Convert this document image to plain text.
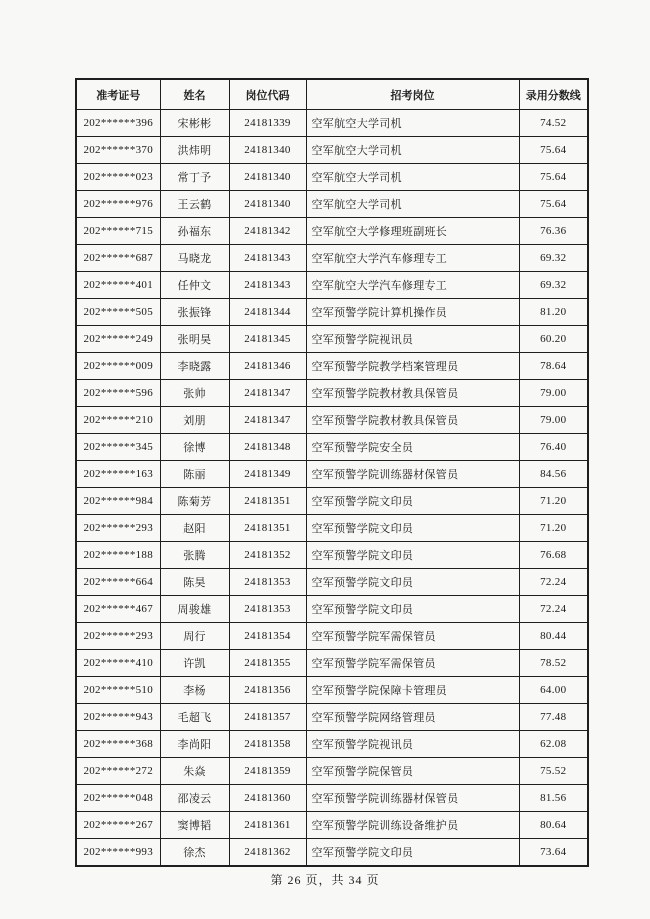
准考证号	姓名	岗位代码	招考岗位	录用分数线
202******396	宋彬彬	24181339	空军航空大学司机	74.52
202******370	洪炜明	24181340	空军航空大学司机	75.64
202******023	常丁予	24181340	空军航空大学司机	75.64
202******976	王云鹤	24181340	空军航空大学司机	75.64
202******715	孙福东	24181342	空军航空大学修理班副班长	76.36
202******687	马晓龙	24181343	空军航空大学汽车修理专工	69.32
202******401	任仲文	24181343	空军航空大学汽车修理专工	69.32
202******505	张振锋	24181344	空军预警学院计算机操作员	81.20
202******249	张明昊	24181345	空军预警学院视讯员	60.20
202******009	李晓露	24181346	空军预警学院教学档案管理员	78.64
202******596	张帅	24181347	空军预警学院教材教具保管员	79.00
202******210	刘朋	24181347	空军预警学院教材教具保管员	79.00
202******345	徐博	24181348	空军预警学院安全员	76.40
202******163	陈丽	24181349	空军预警学院训练器材保管员	84.56
202******984	陈菊芳	24181351	空军预警学院文印员	71.20
202******293	赵阳	24181351	空军预警学院文印员	71.20
202******188	张腾	24181352	空军预警学院文印员	76.68
202******664	陈昊	24181353	空军预警学院文印员	72.24
202******467	周骏雄	24181353	空军预警学院文印员	72.24
202******293	周行	24181354	空军预警学院军需保管员	80.44
202******410	许凯	24181355	空军预警学院军需保管员	78.52
202******510	李杨	24181356	空军预警学院保障卡管理员	64.00
202******943	毛超飞	24181357	空军预警学院网络管理员	77.48
202******368	李尚阳	24181358	空军预警学院视讯员	62.08
202******272	朱焱	24181359	空军预警学院保管员	75.52
202******048	邵凌云	24181360	空军预警学院训练器材保管员	81.56
202******267	窦博韬	24181361	空军预警学院训练设备维护员	80.64
202******993	徐杰	24181362	空军预警学院文印员	73.64
第 26 页，共 34 页
